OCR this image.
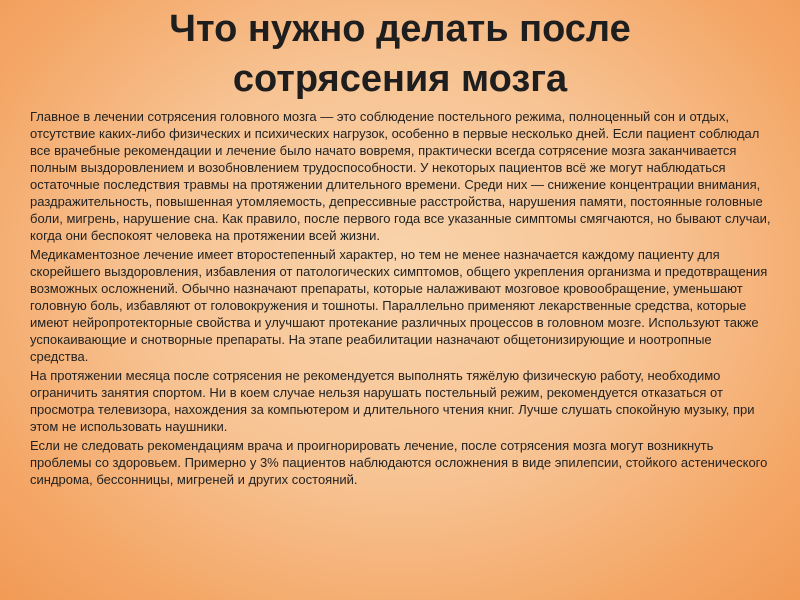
Что нужно делать после сотрясения мозга

Главное в лечении сотрясения головного мозга — это соблюдение постельного режима, полноценный сон и отдых, отсутствие каких-либо физических и психических нагрузок, особенно в первые несколько дней. Если пациент соблюдал все врачебные рекомендации и лечение было начато вовремя, практически всегда сотрясение мозга заканчивается полным выздоровлением и возобновлением трудоспособности. У некоторых пациентов всё же могут наблюдаться остаточные последствия травмы на протяжении длительного времени. Среди них — снижение концентрации внимания, раздражительность, повышенная утомляемость, депрессивные расстройства, нарушения памяти, постоянные головные боли, мигрень, нарушение сна. Как правило, после первого года все указанные симптомы смягчаются, но бывают случаи, когда они беспокоят человека на протяжении всей жизни.

Медикаментозное лечение имеет второстепенный характер, но тем не менее назначается каждому пациенту для скорейшего выздоровления, избавления от патологических симптомов, общего укрепления организма и предотвращения возможных осложнений. Обычно назначают препараты, которые налаживают мозговое кровообращение, уменьшают головную боль, избавляют от головокружения и тошноты. Параллельно применяют лекарственные средства, которые имеют нейропротекторные свойства и улучшают протекание различных процессов в головном мозге. Используют также успокаивающие и снотворные препараты. На этапе реабилитации назначают общетонизирующие и ноотропные средства.

На протяжении месяца после сотрясения не рекомендуется выполнять тяжёлую физическую работу, необходимо ограничить занятия спортом. Ни в коем случае нельзя нарушать постельный режим, рекомендуется отказаться от просмотра телевизора, нахождения за компьютером и длительного чтения книг. Лучше слушать спокойную музыку, при этом не использовать наушники.

Если не следовать рекомендациям врача и проигнорировать лечение, после сотрясения мозга могут возникнуть проблемы со здоровьем. Примерно у 3% пациентов наблюдаются осложнения в виде эпилепсии, стойкого астенического синдрома, бессонницы, мигреней и других состояний.
